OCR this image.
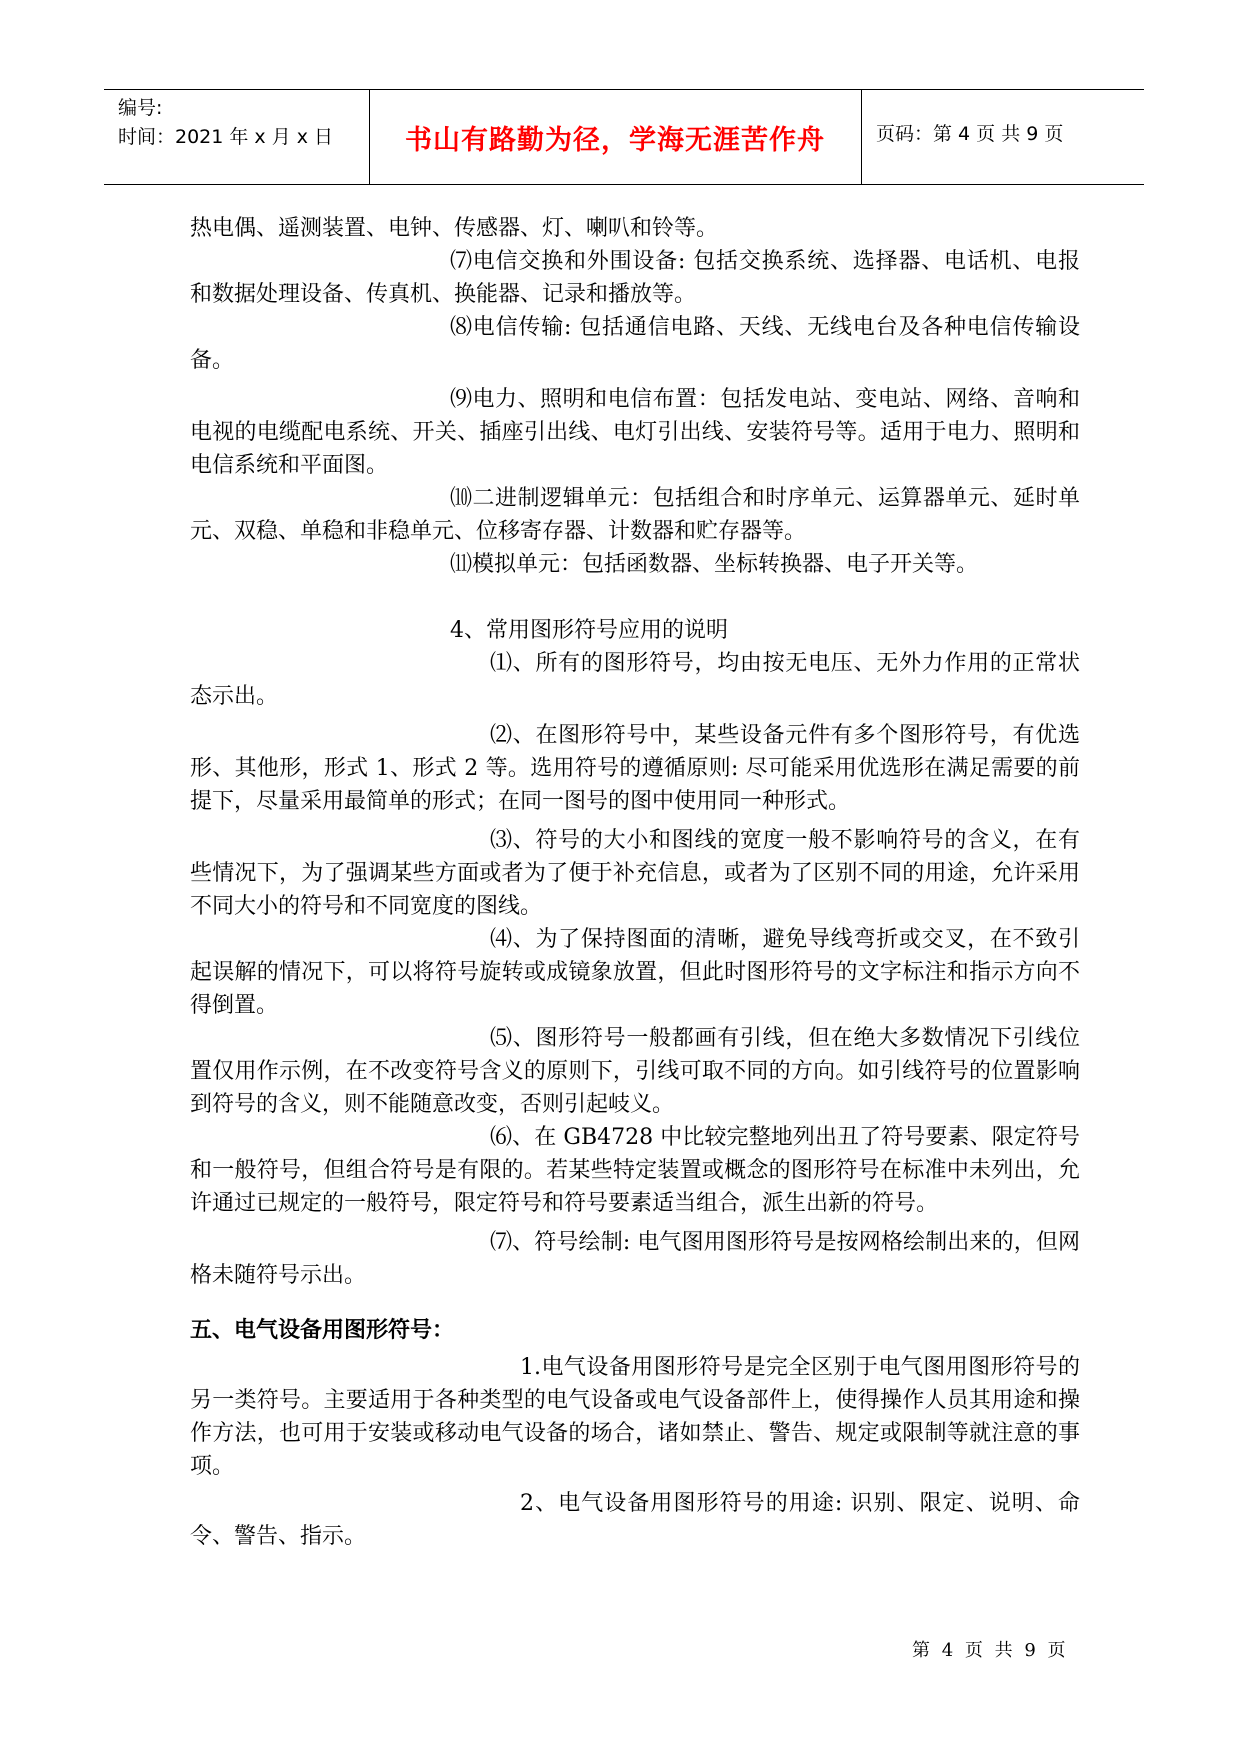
编号:
时间：2021 年 x 月 x 日	书山有路勤为径，学海无涯苦作舟	页码：第 4 页 共 9 页

热电偶、遥测装置、电钟、传感器、灯、喇叭和铃等。

⑺电信交换和外围设备: 包括交换系统、选择器、电话机、电报和数据处理设备、传真机、换能器、记录和播放等。

⑻电信传输: 包括通信电路、天线、无线电台及各种电信传输设备。

⑼电力、照明和电信布置：包括发电站、变电站、网络、音响和电视的电缆配电系统、开关、插座引出线、电灯引出线、安装符号等。适用于电力、照明和电信系统和平面图。

⑽二进制逻辑单元：包括组合和时序单元、运算器单元、延时单元、双稳、单稳和非稳单元、位移寄存器、计数器和贮存器等。

⑾模拟单元：包括函数器、坐标转换器、电子开关等。

4、常用图形符号应用的说明

⑴、所有的图形符号，均由按无电压、无外力作用的正常状态示出。

⑵、在图形符号中，某些设备元件有多个图形符号，有优选形、其他形，形式 1、形式 2 等。选用符号的遵循原则: 尽可能采用优选形在满足需要的前提下，尽量采用最简单的形式；在同一图号的图中使用同一种形式。

⑶、符号的大小和图线的宽度一般不影响符号的含义，在有些情况下，为了强调某些方面或者为了便于补充信息，或者为了区别不同的用途，允许采用不同大小的符号和不同宽度的图线。

⑷、为了保持图面的清晰，避免导线弯折或交叉，在不致引起误解的情况下，可以将符号旋转或成镜象放置，但此时图形符号的文字标注和指示方向不得倒置。

⑸、图形符号一般都画有引线，但在绝大多数情况下引线位置仅用作示例，在不改变符号含义的原则下，引线可取不同的方向。如引线符号的位置影响到符号的含义，则不能随意改变，否则引起岐义。

⑹、在 GB4728 中比较完整地列出丑了符号要素、限定符号和一般符号，但组合符号是有限的。若某些特定装置或概念的图形符号在标准中未列出，允许通过已规定的一般符号，限定符号和符号要素适当组合，派生出新的符号。

⑺、符号绘制: 电气图用图形符号是按网格绘制出来的，但网格未随符号示出。

五、电气设备用图形符号：

1.电气设备用图形符号是完全区别于电气图用图形符号的另一类符号。主要适用于各种类型的电气设备或电气设备部件上，使得操作人员其用途和操作方法，也可用于安装或移动电气设备的场合，诸如禁止、警告、规定或限制等就注意的事项。

2、电气设备用图形符号的用途: 识别、限定、说明、命令、警告、指示。

第 4 页 共 9 页
